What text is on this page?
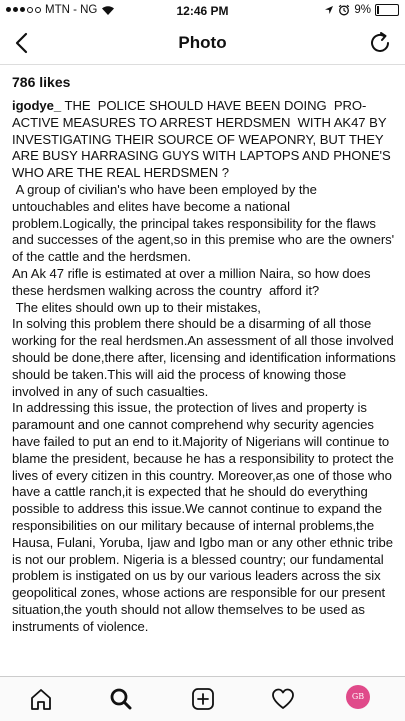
MTN - NG	12:46 PM	9%
Photo
786 likes
igodye_ THE  POLICE SHOULD HAVE BEEN DOING  PRO-ACTIVE MEASURES TO ARREST HERDSMEN  WITH AK47 BY INVESTIGATING THEIR SOURCE OF WEAPONRY, BUT THEY ARE BUSY HARRASING GUYS WITH LAPTOPS AND PHONE'S
WHO ARE THE REAL HERDSMEN ?
A group of civilian's who have been employed by the untouchables and elites have become a national problem.Logically, the principal takes responsibility for the flaws and successes of the agent,so in this premise who are the owners' of the cattle and the herdsmen.
An Ak 47 rifle is estimated at over a million Naira, so how does these herdsmen walking across the country  afford it?
The elites should own up to their mistakes,
In solving this problem there should be a disarming of all those working for the real herdsmen.An assessment of all those involved should be done,there after, licensing and identification informations should be taken.This will aid the process of knowing those involved in any of such casualties.
In addressing this issue, the protection of lives and property is paramount and one cannot comprehend why security agencies have failed to put an end to it.Majority of Nigerians will continue to blame the president, because he has a responsibility to protect the lives of every citizen in this country. Moreover,as one of those who have a cattle ranch,it is expected that he should do everything possible to address this issue.We cannot continue to expand the responsibilities on our military because of internal problems,the Hausa, Fulani, Yoruba, Ijaw and Igbo man or any other ethnic tribe is not our problem. Nigeria is a blessed country; our fundamental problem is instigated on us by our various leaders across the six geopolitical zones, whose actions are responsible for our present situation,the youth should not allow themselves to be used as instruments of violence.
GB
